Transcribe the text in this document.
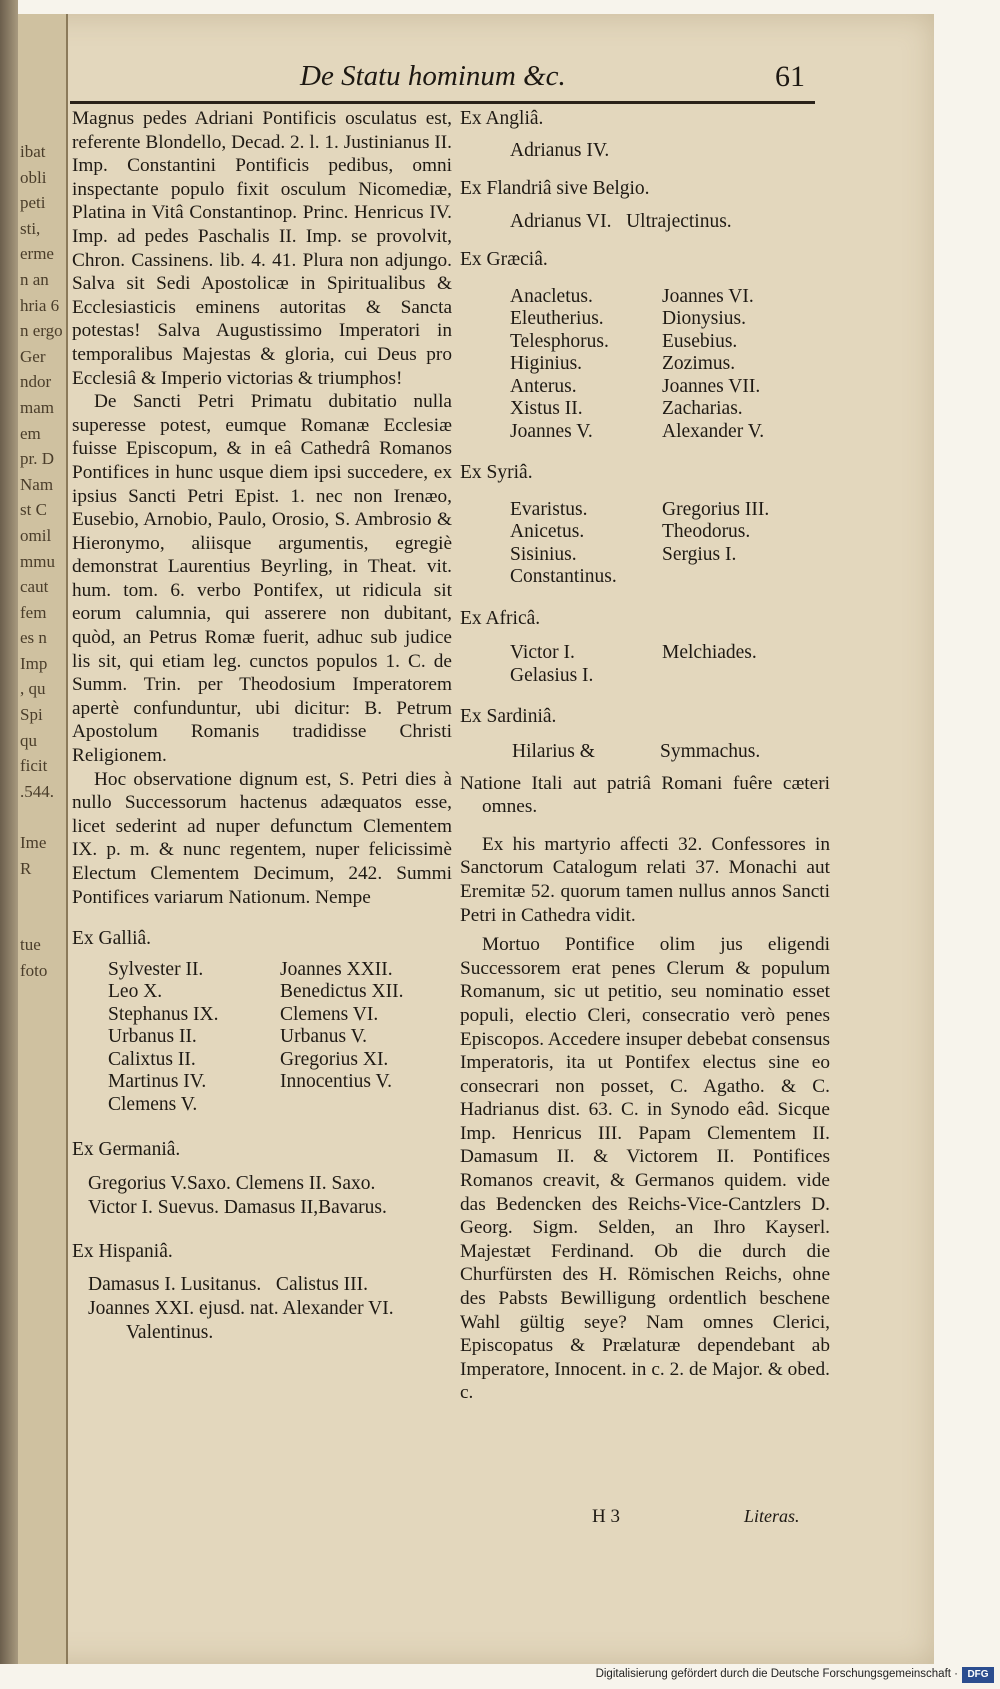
ibat
obli
peti
sti,
erme
n an
hria 6
n ergo
Ger
ndor
mam
em
pr. D
Nam
st C
omil
mmu
caut
fem
es n
Imp
, qu
Spi
qu
ficit
.544.

Ime
R

tue
foto

De Statu hominum &c.	61

Magnus pedes Adriani Pontificis osculatus est, referente Blondello, Decad. 2. l. 1. Justinianus II. Imp. Constantini Pontificis pedibus, omni inspectante populo fixit osculum Nicomediæ, Platina in Vitâ Constantinop. Princ. Henricus IV. Imp. ad pedes Paschalis II. Imp. se provolvit, Chron. Cassinens. lib. 4. 41. Plura non adjungo. Salva sit Sedi Apostolicæ in Spiritualibus & Ecclesiasticis eminens autoritas & Sancta potestas! Salva Augustissimo Imperatori in temporalibus Majestas & gloria, cui Deus pro Ecclesiâ & Imperio victorias & triumphos!

De Sancti Petri Primatu dubitatio nulla superesse potest, eumque Romanæ Ecclesiæ fuisse Episcopum, & in eâ Cathedrâ Romanos Pontifices in hunc usque diem ipsi succedere, ex ipsius Sancti Petri Epist. 1. nec non Irenæo, Eusebio, Arnobio, Paulo, Orosio, S. Ambrosio & Hieronymo, aliisque argumentis, egregiè demonstrat Laurentius Beyrling, in Theat. vit. hum. tom. 6. verbo Pontifex, ut ridicula sit eorum calumnia, qui asserere non dubitant, quòd, an Petrus Romæ fuerit, adhuc sub judice lis sit, qui etiam leg. cunctos populos 1. C. de Summ. Trin. per Theodosium Imperatorem apertè confunduntur, ubi dicitur: B. Petrum Apostolum Romanis tradidisse Christi Religionem.

Hoc observatione dignum est, S. Petri dies à nullo Successorum hactenus adæquatos esse, licet sederint ad nuper defunctum Clementem IX. p. m. & nunc regentem, nuper felicissimè Electum Clementem Decimum, 242. Summi Pontifices variarum Nationum. Nempe

Ex Galliâ.

Sylvester II.	Joannes XXII.
Leo X.	Benedictus XII.
Stephanus IX.	Clemens VI.
Urbanus II.	Urbanus V.
Calixtus II.	Gregorius XI.
Martinus IV.	Innocentius V.
Clemens V.

Ex Germaniâ.

Gregorius V.Saxo. Clemens II. Saxo.
Victor I. Suevus. Damasus II,Bavarus.

Ex Hispaniâ.

Damasus I. Lusitanus.   Calistus III.
Joannes XXI. ejusd. nat. Alexander VI.
Valentinus.

Ex Angliâ.

Adrianus IV.

Ex Flandriâ sive Belgio.

Adrianus VI.   Ultrajectinus.

Ex Græciâ.

Anacletus.	Joannes VI.
Eleutherius.	Dionysius.
Telesphorus.	Eusebius.
Higinius.	Zozimus.
Anterus.	Joannes VII.
Xistus II.	Zacharias.
Joannes V.	Alexander V.

Ex Syriâ.

Evaristus.	Gregorius III.
Anicetus.	Theodorus.
Sisinius.	Sergius I.
Constantinus.

Ex Africâ.

Victor I.	Melchiades.
Gelasius I.

Ex Sardiniâ.

Hilarius &	Symmachus.

Natione Itali aut patriâ Romani fuêre cæteri omnes.

Ex his martyrio affecti 32. Confessores in Sanctorum Catalogum relati 37. Monachi aut Eremitæ 52. quorum tamen nullus annos Sancti Petri in Cathedra vidit.

Mortuo Pontifice olim jus eligendi Successorem erat penes Clerum & populum Romanum, sic ut petitio, seu nominatio esset populi, electio Cleri, consecratio verò penes Episcopos. Accedere insuper debebat consensus Imperatoris, ita ut Pontifex electus sine eo consecrari non posset, C. Agatho. & C. Hadrianus dist. 63. C. in Synodo eâd. Sicque Imp. Henricus III. Papam Clementem II. Damasum II. & Victorem II. Pontifices Romanos creavit, & Germanos quidem. vide das Bedencken des Reichs-Vice-Cantzlers D. Georg. Sigm. Selden, an Ihro Kayserl. Majestæt Ferdinand. Ob die durch die Churfürsten des H. Römischen Reichs, ohne des Pabsts Bewilligung ordentlich beschene Wahl gültig seye? Nam omnes Clerici, Episcopatus & Prælaturæ dependebant ab Imperatore, Innocent. in c. 2. de Major. & obed. c.

H 3	Literas.
Digitalisierung gefördert durch die Deutsche Forschungsgemeinschaft · DFG
